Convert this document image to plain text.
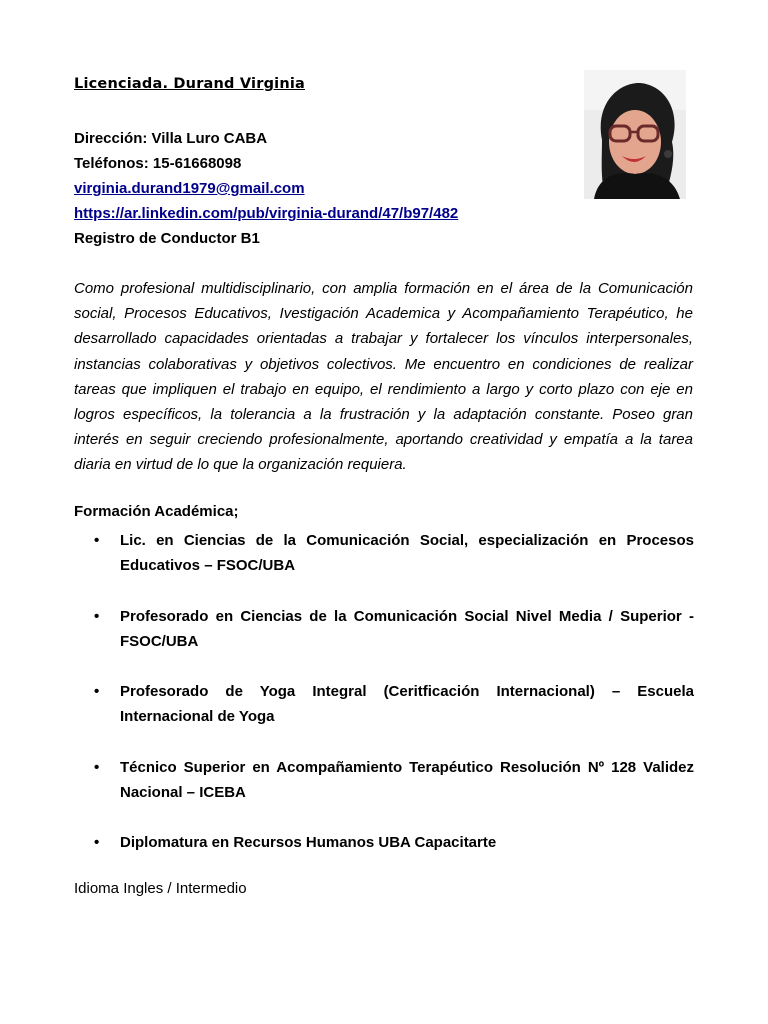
Licenciada. Durand Virginia
Dirección: Villa Luro CABA
Teléfonos: 15-61668098
virginia.durand1979@gmail.com
https://ar.linkedin.com/pub/virginia-durand/47/b97/482
Registro de Conductor B1
Como profesional multidisciplinario, con amplia formación en el área de la Comunicación social, Procesos Educativos, Ivestigación Academica y Acompañamiento Terapéutico, he desarrollado capacidades orientadas a trabajar y fortalecer los vínculos interpersonales, instancias colaborativas y objetivos colectivos. Me encuentro en condiciones de realizar tareas que impliquen el trabajo en equipo, el rendimiento a largo y corto plazo con eje en logros específicos, la tolerancia a la frustración y la adaptación constante. Poseo gran interés en seguir creciendo profesionalmente, aportando creatividad y empatía a la tarea diaria en virtud de lo que la organización requiera.
Formación Académica;
• Lic. en Ciencias de la Comunicación Social, especialización en Procesos Educativos – FSOC/UBA
• Profesorado en Ciencias de la Comunicación Social Nivel Media / Superior - FSOC/UBA
• Profesorado de Yoga Integral (Ceritficación Internacional) – Escuela Internacional de Yoga
• Técnico Superior en Acompañamiento Terapéutico Resolución Nº 128 Validez Nacional – ICEBA
• Diplomatura en Recursos Humanos UBA Capacitarte
Idioma Ingles / Intermedio
